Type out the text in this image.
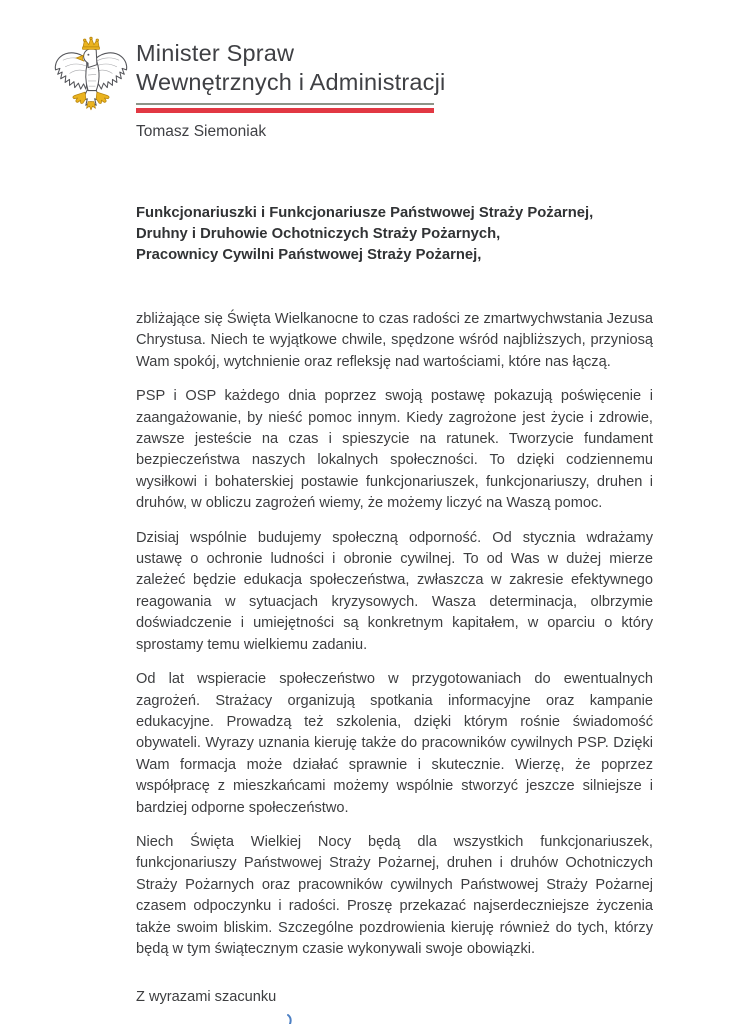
Minister Spraw
Wewnętrznych i Administracji
Tomasz Siemoniak
Funkcjonariuszki i Funkcjonariusze Państwowej Straży Pożarnej,
Druhny i Druhowie Ochotniczych Straży Pożarnych,
Pracownicy Cywilni Państwowej Straży Pożarnej,

zbliżające się Święta Wielkanocne to czas radości ze zmartwychwstania Jezusa Chrystusa. Niech te wyjątkowe chwile, spędzone wśród najbliższych, przyniosą Wam spokój, wytchnienie oraz refleksję nad wartościami, które nas łączą.

PSP i OSP każdego dnia poprzez swoją postawę pokazują poświęcenie i zaangażowanie, by nieść pomoc innym. Kiedy zagrożone jest życie i zdrowie, zawsze jesteście na czas i spieszycie na ratunek. Tworzycie fundament bezpieczeństwa naszych lokalnych społeczności. To dzięki codziennemu wysiłkowi i bohaterskiej postawie funkcjonariuszek, funkcjonariuszy, druhen i druhów, w obliczu zagrożeń wiemy, że możemy liczyć na Waszą pomoc.

Dzisiaj wspólnie budujemy społeczną odporność. Od stycznia wdrażamy ustawę o ochronie ludności i obronie cywilnej. To od Was w dużej mierze zależeć będzie edukacja społeczeństwa, zwłaszcza w zakresie efektywnego reagowania w sytuacjach kryzysowych. Wasza determinacja, olbrzymie doświadczenie i umiejętności są konkretnym kapitałem, w oparciu o który sprostamy temu wielkiemu zadaniu.

Od lat wspieracie społeczeństwo w przygotowaniach do ewentualnych zagrożeń. Strażacy organizują spotkania informacyjne oraz kampanie edukacyjne. Prowadzą też szkolenia, dzięki którym rośnie świadomość obywateli. Wyrazy uznania kieruję także do pracowników cywilnych PSP. Dzięki Wam formacja może działać sprawnie i skutecznie. Wierzę, że poprzez współpracę z mieszkańcami możemy wspólnie stworzyć jeszcze silniejsze i bardziej odporne społeczeństwo.

Niech Święta Wielkiej Nocy będą dla wszystkich funkcjonariuszek, funkcjonariuszy Państwowej Straży Pożarnej, druhen i druhów Ochotniczych Straży Pożarnych oraz pracowników cywilnych Państwowej Straży Pożarnej czasem odpoczynku i radości. Proszę przekazać najserdeczniejsze życzenia także swoim bliskim. Szczególne pozdrowienia kieruję również do tych, którzy będą w tym świątecznym czasie wykonywali swoje obowiązki.

Z wyrazami szacunku
